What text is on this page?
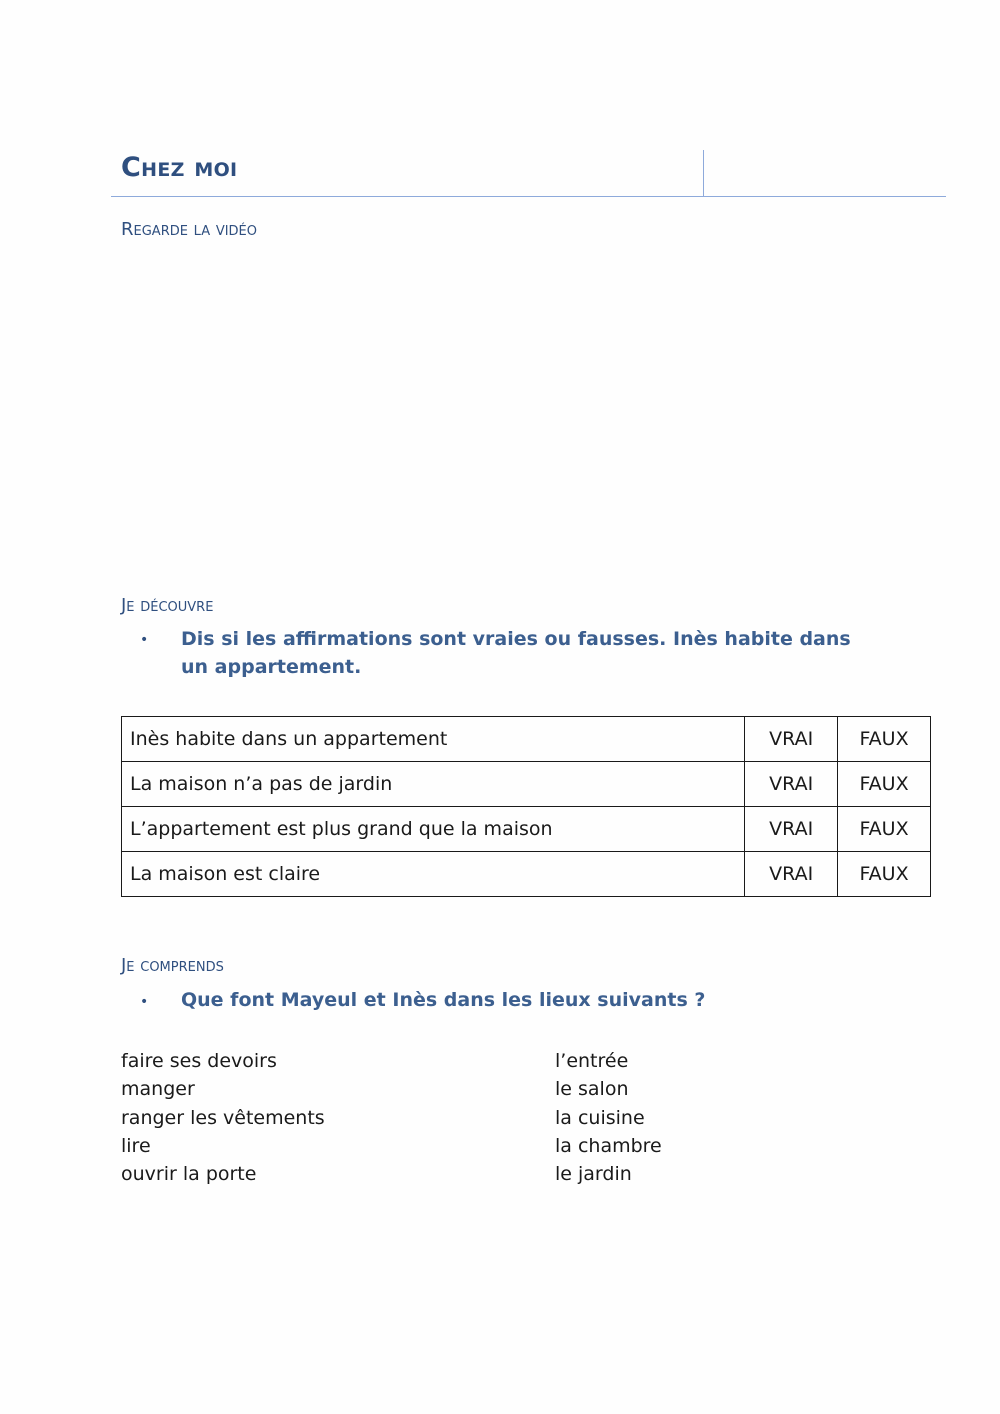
Chez moi
Regarde la vidéo
Je découvre
• Dis si les affirmations sont vraies ou fausses. Inès habite dans un appartement.
Inès habite dans un appartement	VRAI	FAUX
La maison n’a pas de jardin	VRAI	FAUX
L’appartement est plus grand que la maison	VRAI	FAUX
La maison est claire	VRAI	FAUX
Je comprends
• Que font Mayeul et Inès dans les lieux suivants ?
faire ses devoirs
manger
ranger les vêtements
lire
ouvrir la porte
l’entrée
le salon
la cuisine
la chambre
le jardin
